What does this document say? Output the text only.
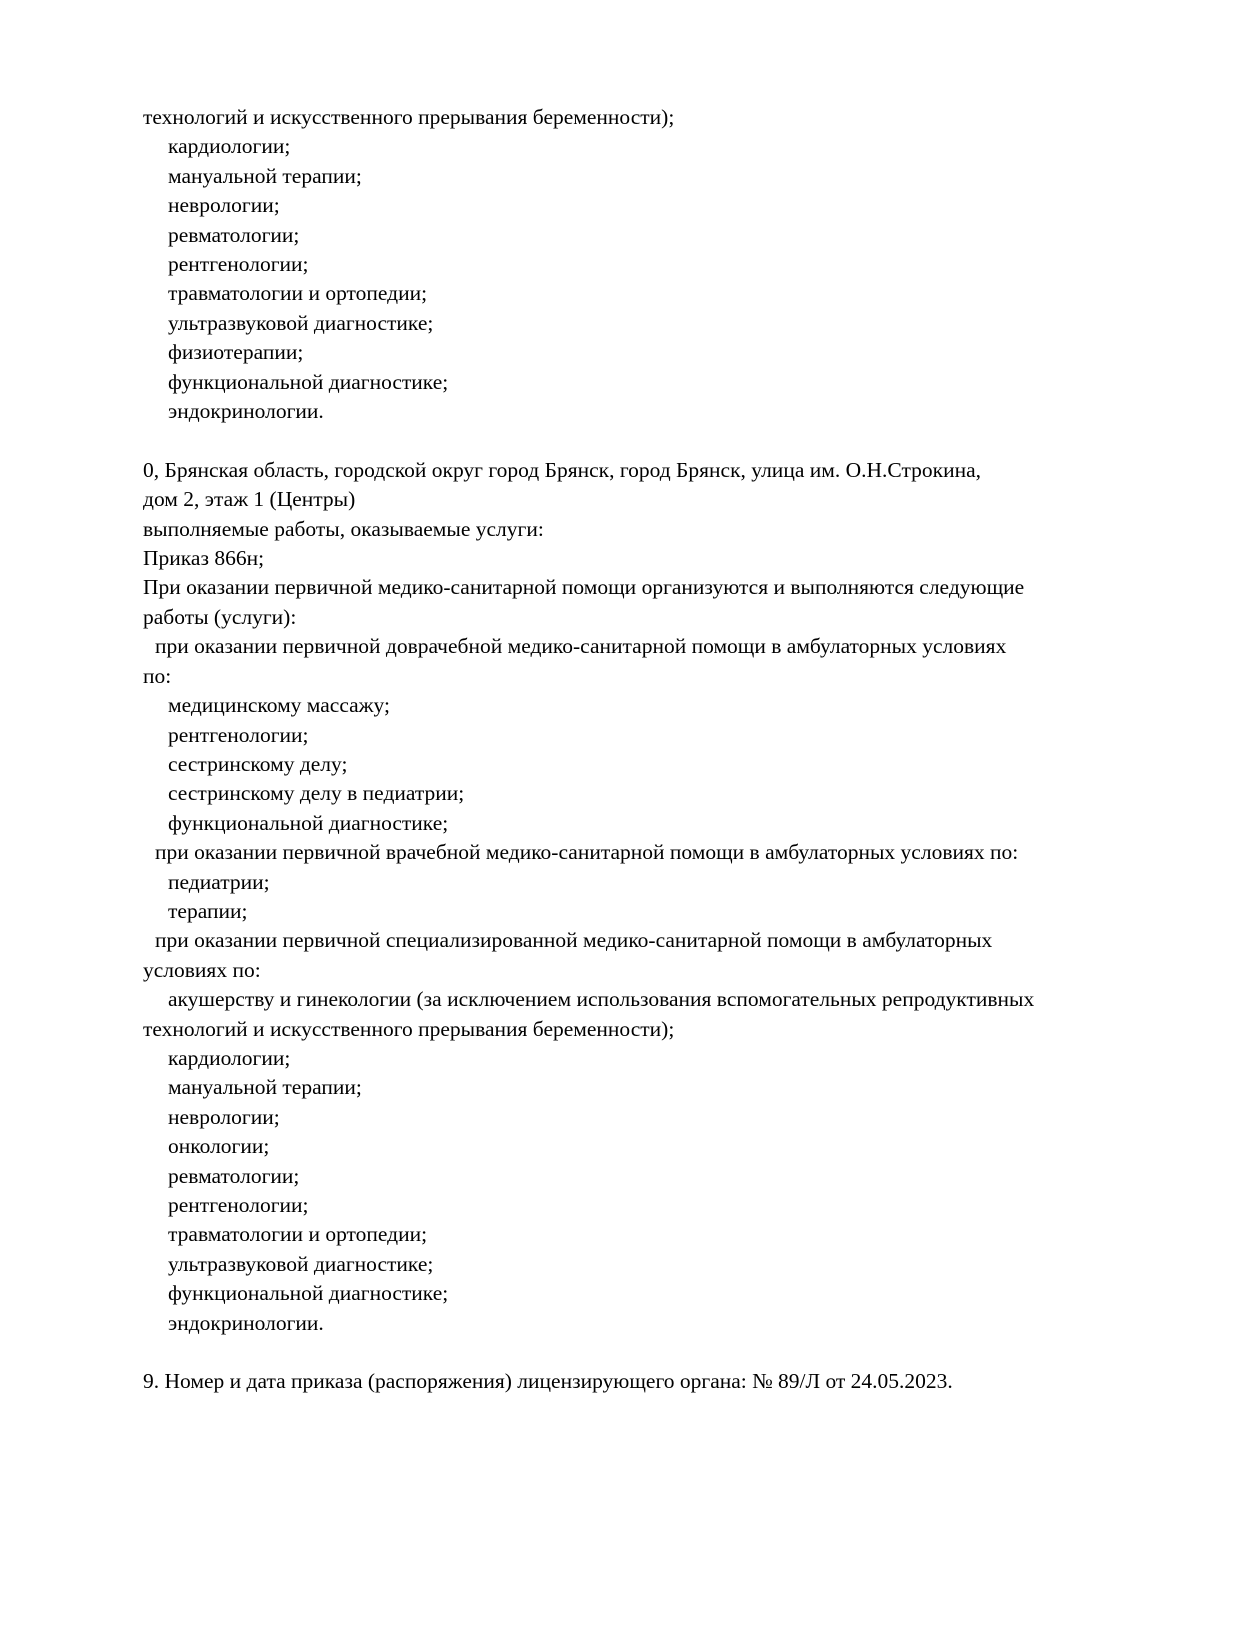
технологий и искусственного прерывания беременности);
кардиологии;
мануальной терапии;
неврологии;
ревматологии;
рентгенологии;
травматологии и ортопедии;
ультразвуковой диагностике;
физиотерапии;
функциональной диагностике;
эндокринологии.
0, Брянская область, городской округ город Брянск, город Брянск, улица им. О.Н.Строкина,
дом 2, этаж 1 (Центры)
выполняемые работы, оказываемые услуги:
Приказ 866н;
При оказании первичной медико-санитарной помощи организуются и выполняются следующие
работы (услуги):
при оказании первичной доврачебной медико-санитарной помощи в амбулаторных условиях
по:
медицинскому массажу;
рентгенологии;
сестринскому делу;
сестринскому делу в педиатрии;
функциональной диагностике;
при оказании первичной врачебной медико-санитарной помощи в амбулаторных условиях по:
педиатрии;
терапии;
при оказании первичной специализированной медико-санитарной помощи в амбулаторных
условиях по:
акушерству и гинекологии (за исключением использования вспомогательных репродуктивных
технологий и искусственного прерывания беременности);
кардиологии;
мануальной терапии;
неврологии;
онкологии;
ревматологии;
рентгенологии;
травматологии и ортопедии;
ультразвуковой диагностике;
функциональной диагностике;
эндокринологии.
9. Номер и дата приказа (распоряжения) лицензирующего органа: № 89/Л от 24.05.2023.
